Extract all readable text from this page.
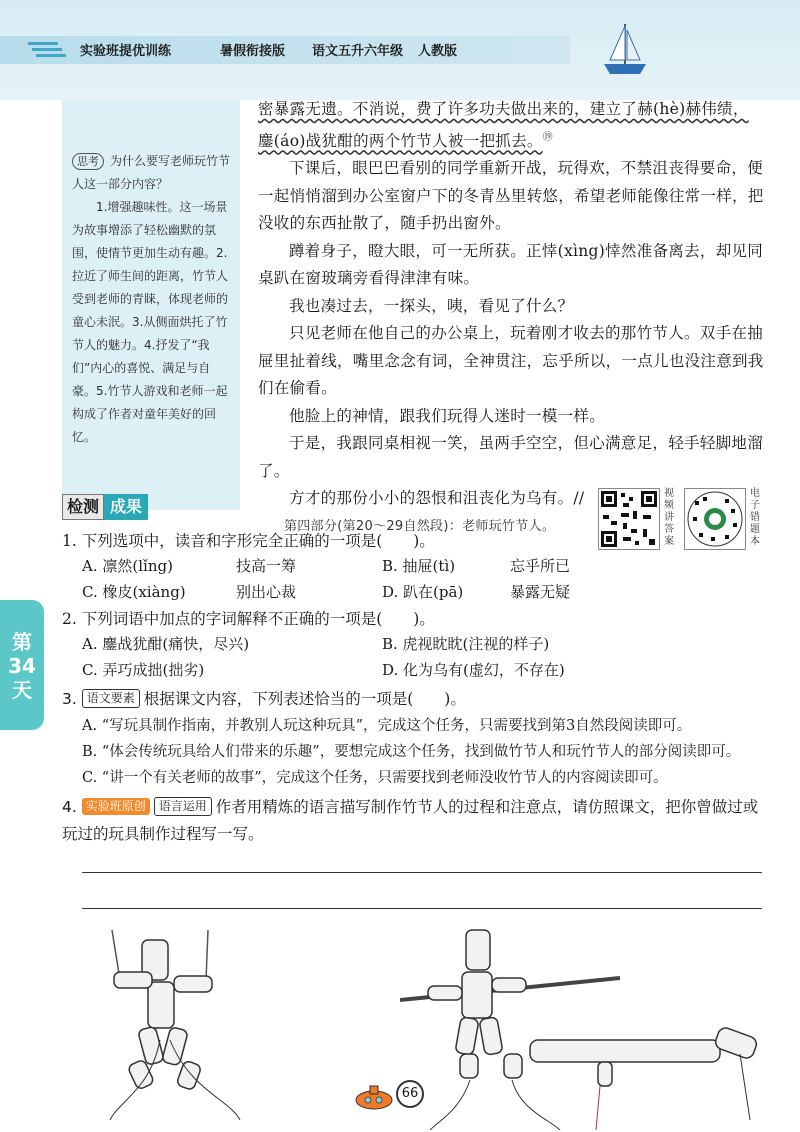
实验班提优训练	暑假衔接版 语文五升六年级 人教版
思考 为什么要写老师玩竹节人这一部分内容？
1.增强趣味性。这一场景为故事增添了轻松幽默的氛围，使情节更加生动有趣。2.拉近了师生间的距离，竹节人受到老师的青睐，体现老师的童心未泯。3.从侧面烘托了竹节人的魅力。4.抒发了“我们”内心的喜悦、满足与自豪。5.竹节人游戏和老师一起构成了作者对童年美好的回忆。

密暴露无遗。不消说，费了许多功夫做出来的，建立了赫(hè)赫伟绩，

鏖(áo)战犹酣的两个竹节人被一把抓去。⑲

下课后，眼巴巴看别的同学重新开战，玩得欢，不禁沮丧得要命，便一起悄悄溜到办公室窗户下的冬青丛里转悠，希望老师能像往常一样，把没收的东西扯散了，随手扔出窗外。

蹲着身子，瞪大眼，可一无所获。正悻(xìng)悻然准备离去，却见同桌趴在窗玻璃旁看得津津有味。

我也凑过去，一探头，咦，看见了什么？

只见老师在他自己的办公桌上，玩着刚才收去的那竹节人。双手在抽屉里扯着线，嘴里念念有词，全神贯注，忘乎所以，一点儿也没注意到我们在偷看。

他脸上的神情，跟我们玩得人迷时一模一样。

于是，我跟同桌相视一笑，虽两手空空，但心满意足，轻手轻脚地溜了。

方才的那份小小的怨恨和沮丧化为乌有。//

第四部分(第20～29自然段)：老师玩竹节人。

检测 成果
视频讲答案
电子错题本
第34天
1. 下列选项中，读音和字形完全正确的一项是(　　)。
A. 凛然(lǐng)	技高一筹	B. 抽屉(tì)	忘乎所已
C. 橡皮(xiàng)	别出心裁	D. 趴在(pā)	暴露无疑
2. 下列词语中加点的字词解释不正确的一项是(　　)。
A. 鏖战犹酣(痛快，尽兴)	B. 虎视眈眈(注视的样子)
C. 弄巧成拙(拙劣)	D. 化为乌有(虚幻，不存在)
3. 语文要素 根据课文内容，下列表述恰当的一项是(　　)。
A. “写玩具制作指南，并教别人玩这种玩具”，完成这个任务，只需要找到第3自然段阅读即可。
B. “体会传统玩具给人们带来的乐趣”，要想完成这个任务，找到做竹节人和玩竹节人的部分阅读即可。
C. “讲一个有关老师的故事”，完成这个任务，只需要找到老师没收竹节人的内容阅读即可。
4. 实验班原创 语言运用 作者用精炼的语言描写制作竹节人的过程和注意点，请仿照课文，把你曾做过或玩过的玩具制作过程写一写。
66
